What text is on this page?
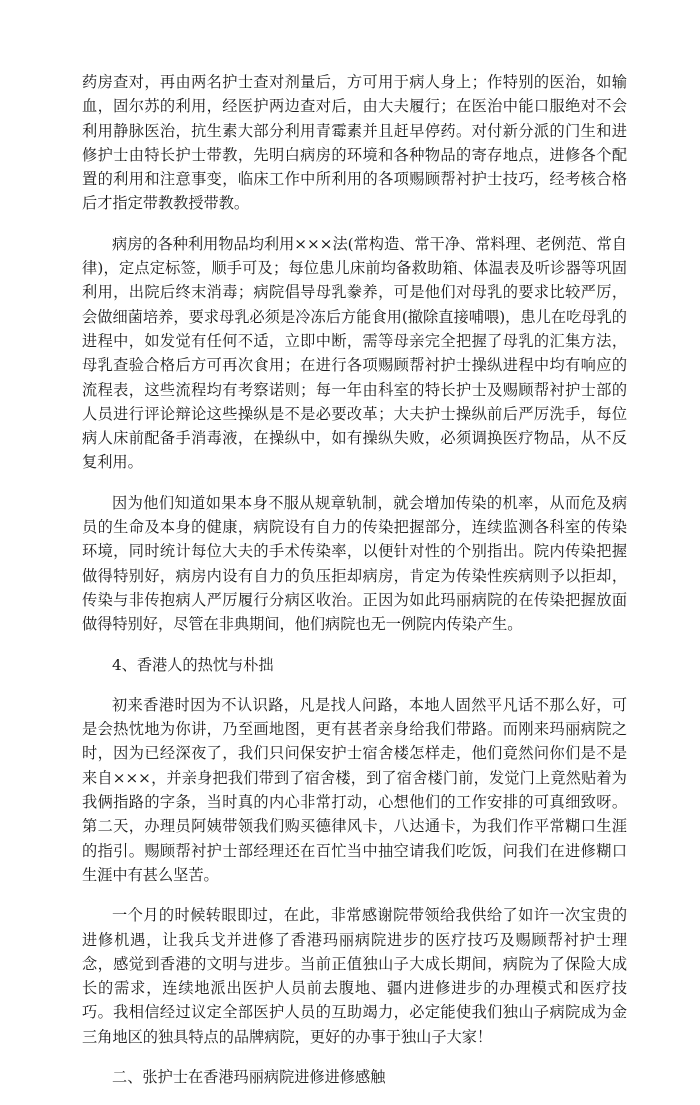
药房查对，再由两名护士查对剂量后，方可用于病人身上；作特别的医治，如输血，固尔苏的利用，经医护两边查对后，由大夫履行；在医治中能口服绝对不会利用静脉医治，抗生素大部分利用青霉素并且赶早停药。对付新分派的门生和进修护士由特长护士带教，先明白病房的环境和各种物品的寄存地点，进修各个配置的利用和注意事变，临床工作中所利用的各项赐顾帮衬护士技巧，经考核合格后才指定带教教授带教。

病房的各种利用物品均利用×××法(常构造、常干净、常料理、老例范、常自律)，定点定标签，顺手可及；每位患儿床前均备救助箱、体温表及听诊器等巩固利用，出院后终末消毒；病院倡导母乳豢养，可是他们对母乳的要求比较严厉，会做细菌培养，要求母乳必须是冷冻后方能食用(撤除直接哺喂)，患儿在吃母乳的进程中，如发觉有任何不适，立即中断，需等母亲完全把握了母乳的汇集方法，母乳查验合格后方可再次食用；在进行各项赐顾帮衬护士操纵进程中均有响应的流程表，这些流程均有考察诺则；每一年由科室的特长护士及赐顾帮衬护士部的人员进行评论辩论这些操纵是不是必要改革；大夫护士操纵前后严厉洗手，每位病人床前配备手消毒液，在操纵中，如有操纵失败，必须调换医疗物品，从不反复利用。

因为他们知道如果本身不服从规章轨制，就会增加传染的机率，从而危及病员的生命及本身的健康，病院设有自力的传染把握部分，连续监测各科室的传染环境，同时统计每位大夫的手术传染率，以便针对性的个别指出。院内传染把握做得特别好，病房内设有自力的负压拒却病房，肯定为传染性疾病则予以拒却，传染与非传抱病人严厉履行分病区收治。正因为如此玛丽病院的在传染把握放面做得特别好，尽管在非典期间，他们病院也无一例院内传染产生。

4、香港人的热忱与朴拙

初来香港时因为不认识路，凡是找人问路，本地人固然平凡话不那么好，可是会热忱地为你讲，乃至画地图，更有甚者亲身给我们带路。而刚来玛丽病院之时，因为已经深夜了，我们只问保安护士宿舍楼怎样走，他们竟然问你们是不是来自×××，并亲身把我们带到了宿舍楼，到了宿舍楼门前，发觉门上竟然贴着为我俩指路的字条，当时真的内心非常打动，心想他们的工作安排的可真细致呀。第二天，办理员阿姨带领我们购买德律风卡，八达通卡，为我们作平常糊口生涯的指引。赐顾帮衬护士部经理还在百忙当中抽空请我们吃饭，问我们在进修糊口生涯中有甚么坚苦。

一个月的时候转眼即过，在此，非常感谢院带领给我供给了如许一次宝贵的进修机遇，让我兵戈并进修了香港玛丽病院进步的医疗技巧及赐顾帮衬护士理念，感觉到香港的文明与进步。当前正值独山子大成长期间，病院为了保险大成长的需求，连续地派出医护人员前去腹地、疆内进修进步的办理模式和医疗技巧。我相信经过议定全部医护人员的互助竭力，必定能使我们独山子病院成为金三角地区的独具特点的品牌病院，更好的办事于独山子大家！

二、张护士在香港玛丽病院进修进修感触
